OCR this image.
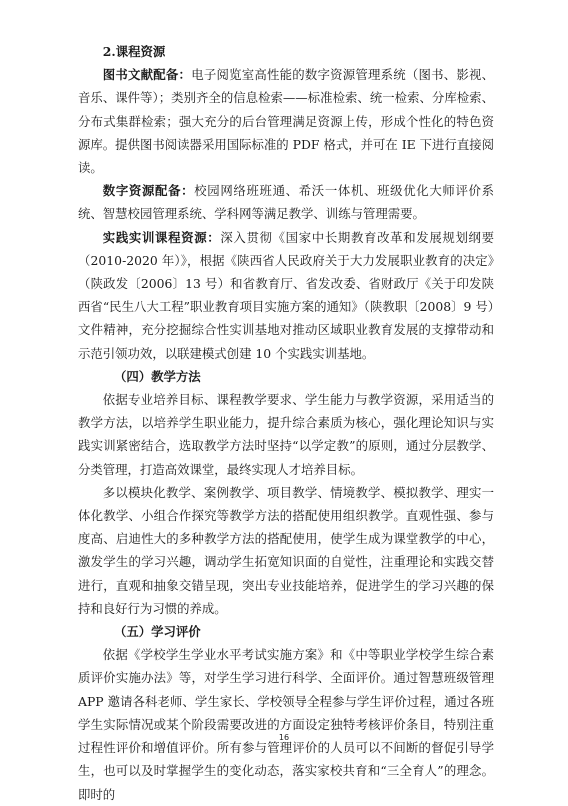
2.课程资源

图书文献配备：电子阅览室高性能的数字资源管理系统（图书、影视、音乐、课件等）；类别齐全的信息检索——标准检索、统一检索、分库检索、分布式集群检索；强大充分的后台管理满足资源上传，形成个性化的特色资源库。提供图书阅读器采用国际标准的 PDF 格式，并可在 IE 下进行直接阅读。

数字资源配备：校园网络班班通、希沃一体机、班级优化大师评价系统、智慧校园管理系统、学科网等满足教学、训练与管理需要。

实践实训课程资源：深入贯彻《国家中长期教育改革和发展规划纲要（2010-2020 年）》，根据《陕西省人民政府关于大力发展职业教育的决定》（陕政发〔2006〕13 号）和省教育厅、省发改委、省财政厅《关于印发陕西省“民生八大工程”职业教育项目实施方案的通知》（陕教职〔2008〕9 号）文件精神，充分挖掘综合性实训基地对推动区域职业教育发展的支撑带动和示范引领功效，以联建模式创建 10 个实践实训基地。

（四）教学方法

依据专业培养目标、课程教学要求、学生能力与教学资源，采用适当的教学方法，以培养学生职业能力，提升综合素质为核心，强化理论知识与实践实训紧密结合，选取教学方法时坚持“以学定教”的原则，通过分层教学、分类管理，打造高效课堂，最终实现人才培养目标。

多以模块化教学、案例教学、项目教学、情境教学、模拟教学、理实一体化教学、小组合作探究等教学方法的搭配使用组织教学。直观性强、参与度高、启迪性大的多种教学方法的搭配使用，使学生成为课堂教学的中心，激发学生的学习兴趣，调动学生拓宽知识面的自觉性，注重理论和实践交替进行，直观和抽象交错呈现，突出专业技能培养，促进学生的学习兴趣的保持和良好行为习惯的养成。

（五）学习评价

依据《学校学生学业水平考试实施方案》和《中等职业学校学生综合素质评价实施办法》等，对学生学习进行科学、全面评价。通过智慧班级管理 APP 邀请各科老师、学生家长、学校领导全程参与学生评价过程，通过各班学生实际情况或某个阶段需要改进的方面设定独特考核评价条目，特别注重过程性评价和增值评价。所有参与管理评价的人员可以不间断的督促引导学生，也可以及时掌握学生的变化动态，落实家校共育和“三全育人”的理念。即时的

16
